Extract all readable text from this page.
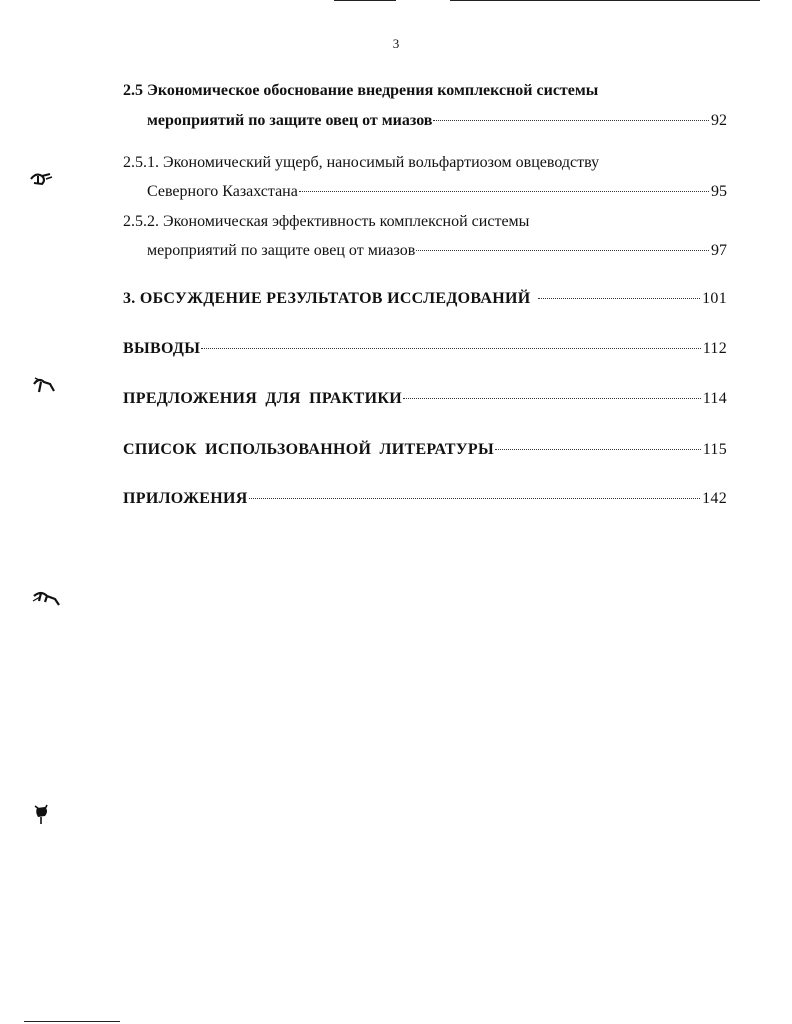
3
2.5 Экономическое обоснование внедрения комплексной системы
мероприятий по защите овец от миазов	92
2.5.1. Экономический ущерб, наносимый вольфартиозом овцеводству
Северного Казахстана	95
2.5.2. Экономическая эффективность комплексной системы
мероприятий по защите овец от миазов	97
3. ОБСУЖДЕНИЕ РЕЗУЛЬТАТОВ ИССЛЕДОВАНИЙ	101
ВЫВОДЫ	112
ПРЕДЛОЖЕНИЯ ДЛЯ ПРАКТИКИ	114
СПИСОК ИСПОЛЬЗОВАННОЙ ЛИТЕРАТУРЫ	115
ПРИЛОЖЕНИЯ	142
